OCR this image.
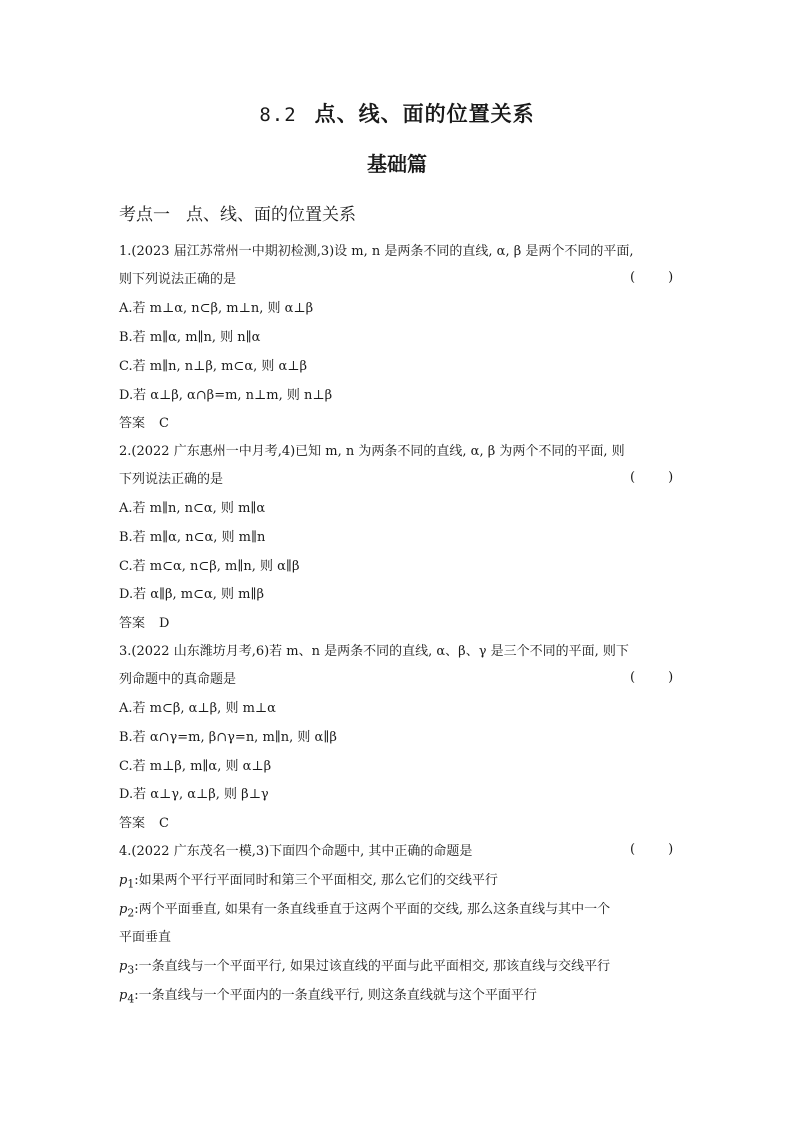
8.2 点、线、面的位置关系
基础篇
考点一 点、线、面的位置关系
1.(2023 届江苏常州一中期初检测,3)设 m, n 是两条不同的直线, α, β 是两个不同的平面,
则下列说法正确的是	(        )
A.若 m⊥α, n⊂β, m⊥n, 则 α⊥β
B.若 m∥α, m∥n, 则 n∥α
C.若 m∥n, n⊥β, m⊂α, 则 α⊥β
D.若 α⊥β, α∩β=m, n⊥m, 则 n⊥β
答案 C
2.(2022 广东惠州一中月考,4)已知 m, n 为两条不同的直线, α, β 为两个不同的平面, 则
下列说法正确的是	(        )
A.若 m∥n, n⊂α, 则 m∥α
B.若 m∥α, n⊂α, 则 m∥n
C.若 m⊂α, n⊂β, m∥n, 则 α∥β
D.若 α∥β, m⊂α, 则 m∥β
答案 D
3.(2022 山东潍坊月考,6)若 m、n 是两条不同的直线, α、β、γ 是三个不同的平面, 则下
列命题中的真命题是	(        )
A.若 m⊂β, α⊥β, 则 m⊥α
B.若 α∩γ=m, β∩γ=n, m∥n, 则 α∥β
C.若 m⊥β, m∥α, 则 α⊥β
D.若 α⊥γ, α⊥β, 则 β⊥γ
答案 C
4.(2022 广东茂名一模,3)下面四个命题中, 其中正确的命题是	(        )
$p_1$:如果两个平行平面同时和第三个平面相交, 那么它们的交线平行
$p_2$:两个平面垂直, 如果有一条直线垂直于这两个平面的交线, 那么这条直线与其中一个
平面垂直
$p_3$:一条直线与一个平面平行, 如果过该直线的平面与此平面相交, 那该直线与交线平行
$p_4$:一条直线与一个平面内的一条直线平行, 则这条直线就与这个平面平行
